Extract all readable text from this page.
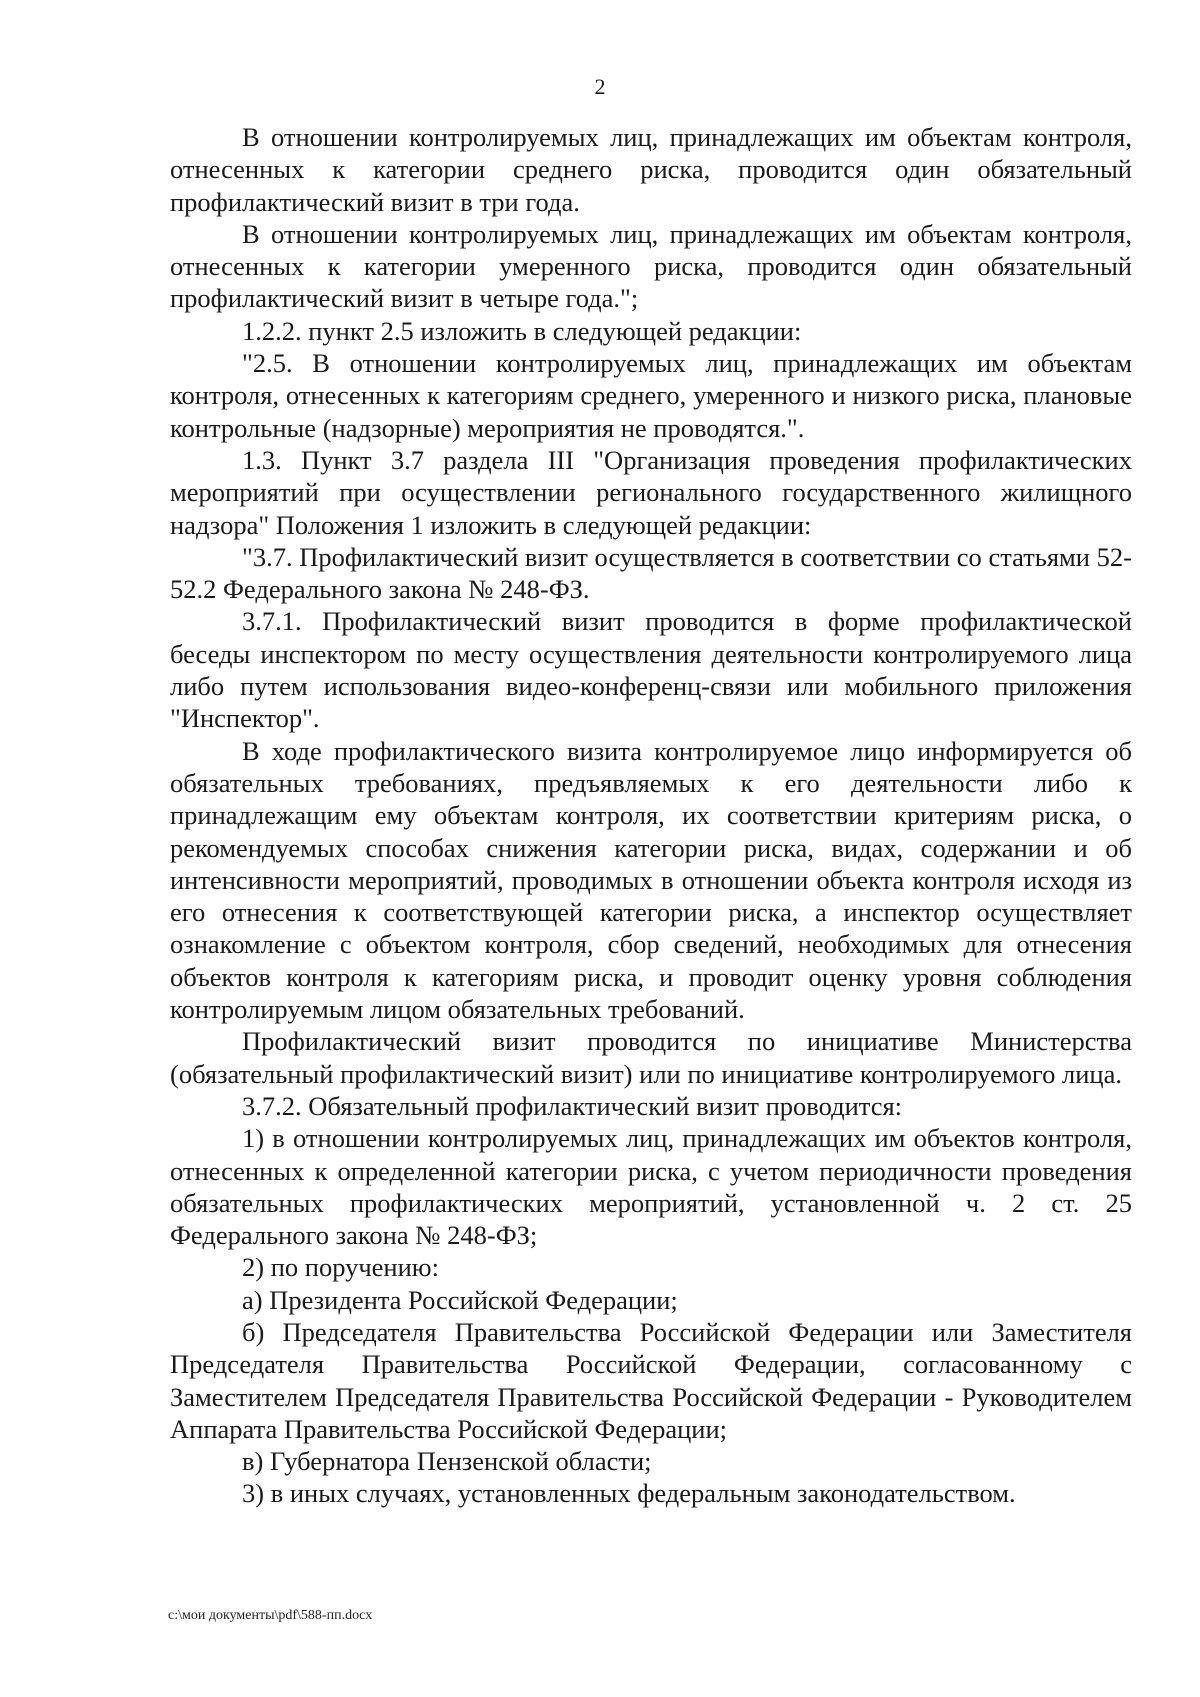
2

В отношении контролируемых лиц, принадлежащих им объектам контроля, отнесенных к категории среднего риска, проводится один обязательный профилактический визит в три года.

В отношении контролируемых лиц, принадлежащих им объектам контроля, отнесенных к категории умеренного риска, проводится один обязательный профилактический визит в четыре года.";

1.2.2. пункт 2.5 изложить в следующей редакции:

"2.5. В отношении контролируемых лиц, принадлежащих им объектам контроля, отнесенных к категориям среднего, умеренного и низкого риска, плановые контрольные (надзорные) мероприятия не проводятся.".

1.3. Пункт 3.7 раздела III "Организация проведения профилактических мероприятий при осуществлении регионального государственного жилищного надзора" Положения 1 изложить в следующей редакции:

"3.7. Профилактический визит осуществляется в соответствии со статьями 52-52.2 Федерального закона № 248-ФЗ.

3.7.1. Профилактический визит проводится в форме профилактической беседы инспектором по месту осуществления деятельности контролируемого лица либо путем использования видео-конференц-связи или мобильного приложения "Инспектор".

В ходе профилактического визита контролируемое лицо информируется об обязательных требованиях, предъявляемых к его деятельности либо к принадлежащим ему объектам контроля, их соответствии критериям риска, о рекомендуемых способах снижения категории риска, видах, содержании и об интенсивности мероприятий, проводимых в отношении объекта контроля исходя из его отнесения к соответствующей категории риска, а инспектор осуществляет ознакомление с объектом контроля, сбор сведений, необходимых для отнесения объектов контроля к категориям риска, и проводит оценку уровня соблюдения контролируемым лицом обязательных требований.

Профилактический визит проводится по инициативе Министерства (обязательный профилактический визит) или по инициативе контролируемого лица.

3.7.2. Обязательный профилактический визит проводится:

1) в отношении контролируемых лиц, принадлежащих им объектов контроля, отнесенных к определенной категории риска, с учетом периодичности проведения обязательных профилактических мероприятий, установленной ч. 2 ст. 25 Федерального закона № 248-ФЗ;

2) по поручению:

а) Президента Российской Федерации;

б) Председателя Правительства Российской Федерации или Заместителя Председателя Правительства Российской Федерации, согласованному с Заместителем Председателя Правительства Российской Федерации - Руководителем Аппарата Правительства Российской Федерации;

в) Губернатора Пензенской области;

3) в иных случаях, установленных федеральным законодательством.

c:\мои документы\pdf\588-пп.docx
